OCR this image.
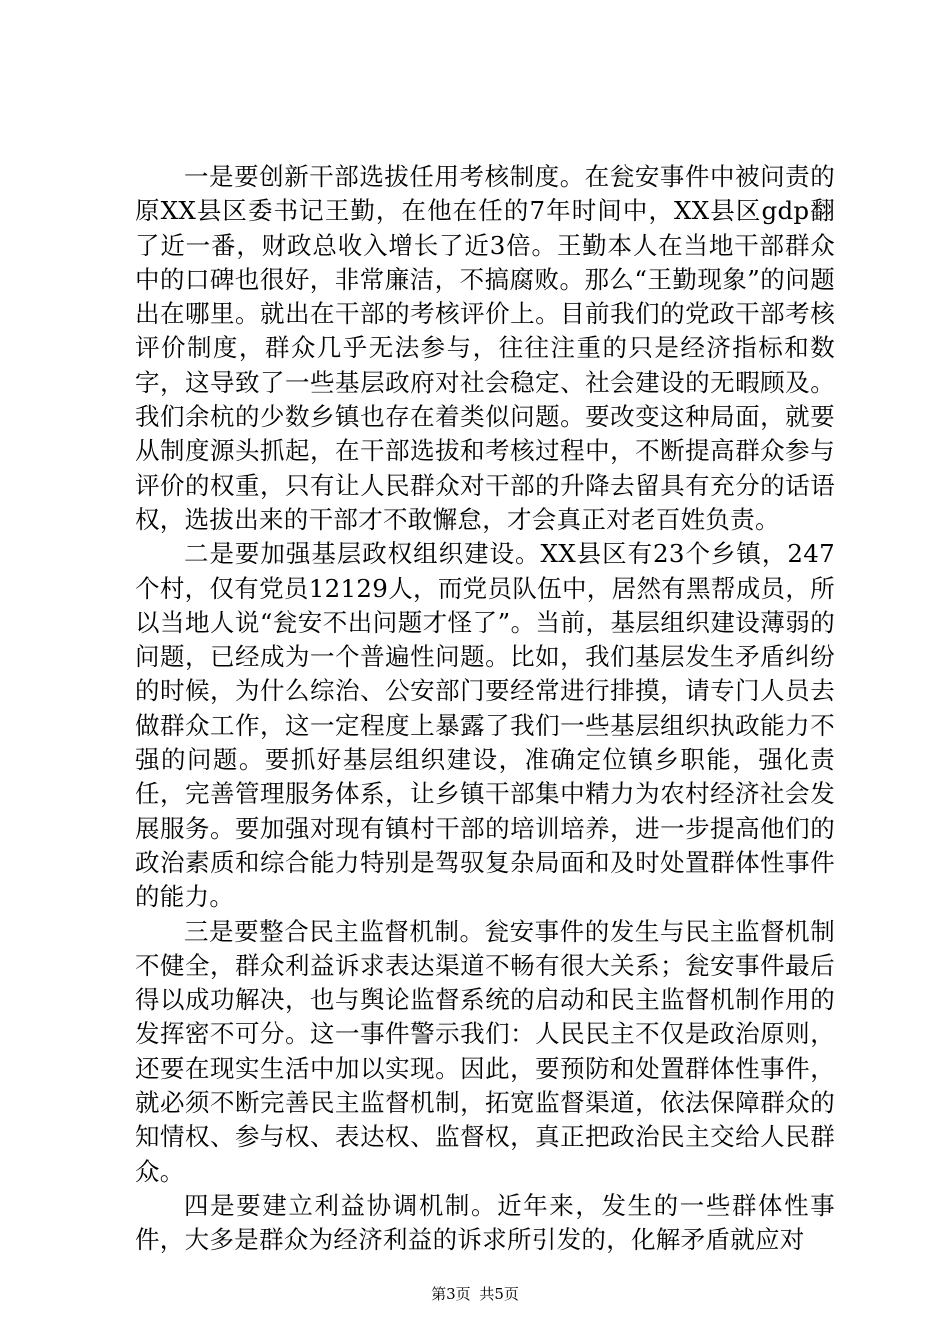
一是要创新干部选拔任用考核制度。在瓮安事件中被问责的原XX县区委书记王勤，在他在任的7年时间中，XX县区gdp翻了近一番，财政总收入增长了近3倍。王勤本人在当地干部群众中的口碑也很好，非常廉洁，不搞腐败。那么“王勤现象”的问题出在哪里。就出在干部的考核评价上。目前我们的党政干部考核评价制度，群众几乎无法参与，往往注重的只是经济指标和数字，这导致了一些基层政府对社会稳定、社会建设的无暇顾及。我们余杭的少数乡镇也存在着类似问题。要改变这种局面，就要从制度源头抓起，在干部选拔和考核过程中，不断提高群众参与评价的权重，只有让人民群众对干部的升降去留具有充分的话语权，选拔出来的干部才不敢懈怠，才会真正对老百姓负责。

二是要加强基层政权组织建设。XX县区有23个乡镇，247个村，仅有党员12129人，而党员队伍中，居然有黑帮成员，所以当地人说“瓮安不出问题才怪了”。当前，基层组织建设薄弱的问题，已经成为一个普遍性问题。比如，我们基层发生矛盾纠纷的时候，为什么综治、公安部门要经常进行排摸，请专门人员去做群众工作，这一定程度上暴露了我们一些基层组织执政能力不强的问题。要抓好基层组织建设，准确定位镇乡职能，强化责任，完善管理服务体系，让乡镇干部集中精力为农村经济社会发展服务。要加强对现有镇村干部的培训培养，进一步提高他们的政治素质和综合能力特别是驾驭复杂局面和及时处置群体性事件的能力。

三是要整合民主监督机制。瓮安事件的发生与民主监督机制不健全，群众利益诉求表达渠道不畅有很大关系；瓮安事件最后得以成功解决，也与舆论监督系统的启动和民主监督机制作用的发挥密不可分。这一事件警示我们：人民民主不仅是政治原则，还要在现实生活中加以实现。因此，要预防和处置群体性事件，就必须不断完善民主监督机制，拓宽监督渠道，依法保障群众的知情权、参与权、表达权、监督权，真正把政治民主交给人民群众。

四是要建立利益协调机制。近年来，发生的一些群体性事件，大多是群众为经济利益的诉求所引发的，化解矛盾就应对

第3页 共5页
